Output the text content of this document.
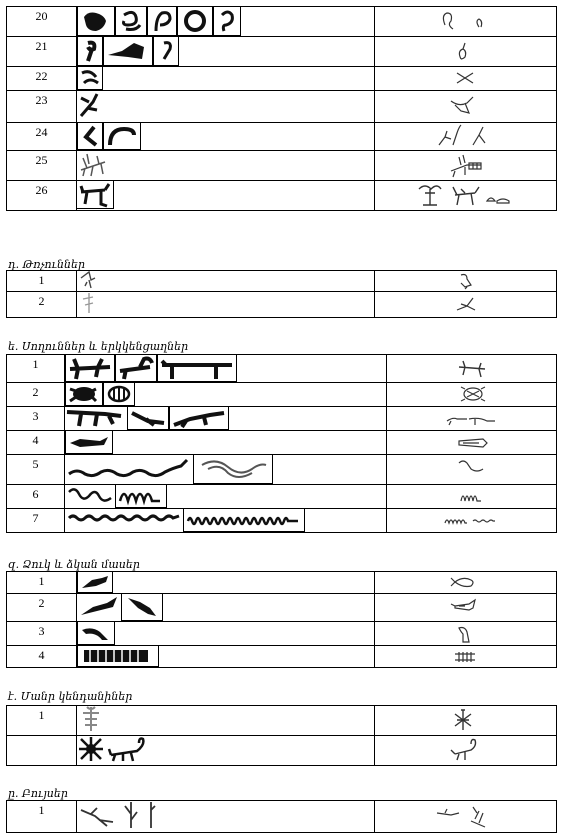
20	

21	

22	

23	

24	

25	

26	

դ. Թռչուններ
1	

2	

ե. Սողուններ և երկկենցաղներ
1	

2	

3	

4	

5	

6	

7	

զ. Ձուկ և ձկան մասեր
1	

2	

3	

4	

է. Մանր կենդանիներ
1	

ը. Բույսեր
1	
